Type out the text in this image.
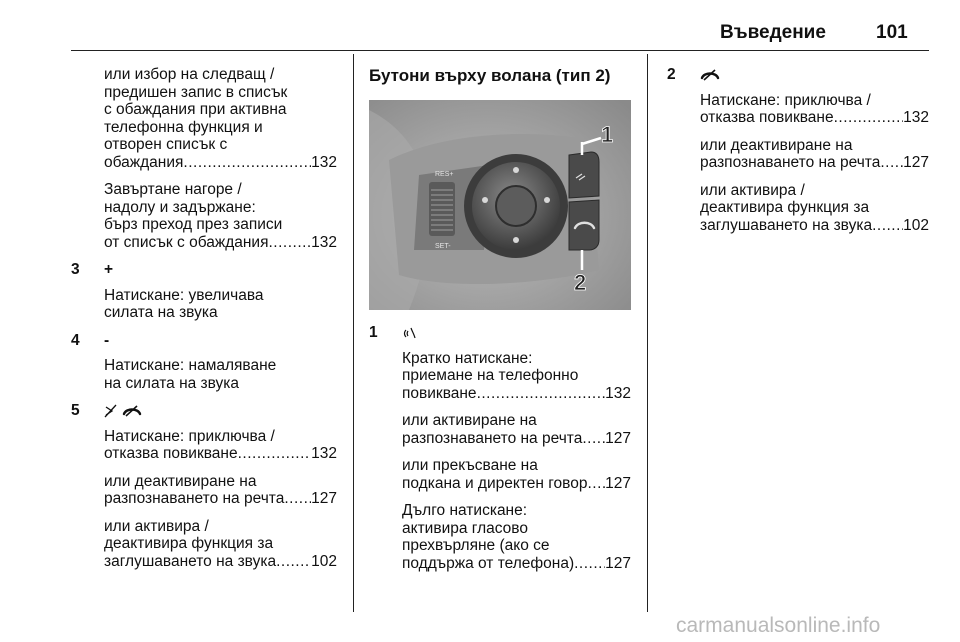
Въведение	101
или избор на следващ /
предишен запис в списък
с обаждания при активна
телефонна функция и
отворен списък с
обаждания .....	132
Завъртане нагоре /
надолу и задържане:
бърз преход през записи
от списък с обаждания .....	132
3	+
Натискане: увеличава
силата на звука
4	-
Натискане: намаляване
на силата на звука
5

Натискане: приключва /
отказва повикване .....	132
или деактивиране на
разпознаването на речта ..... 127
или активира /
деактивира функция за
заглушаването на звука ..... 102
Бутони върху волана (тип 2)
RES+
SET-
1
2
1
Кратко натискане:
приемане на телефонно
повикване .....	132
или активиране на
разпознаването на речта ..... 127
или прекъсване на
подкана и директен говор ..... 127
Дълго натискане:
активира гласово
прехвърляне (ако се
поддържа от телефона) ..... 127
2
Натискане: приключва /
отказва повикване .....	132
или деактивиране на
разпознаването на речта ..... 127
или активира /
деактивира функция за
заглушаването на звука ..... 102
carmanualsonline.info
